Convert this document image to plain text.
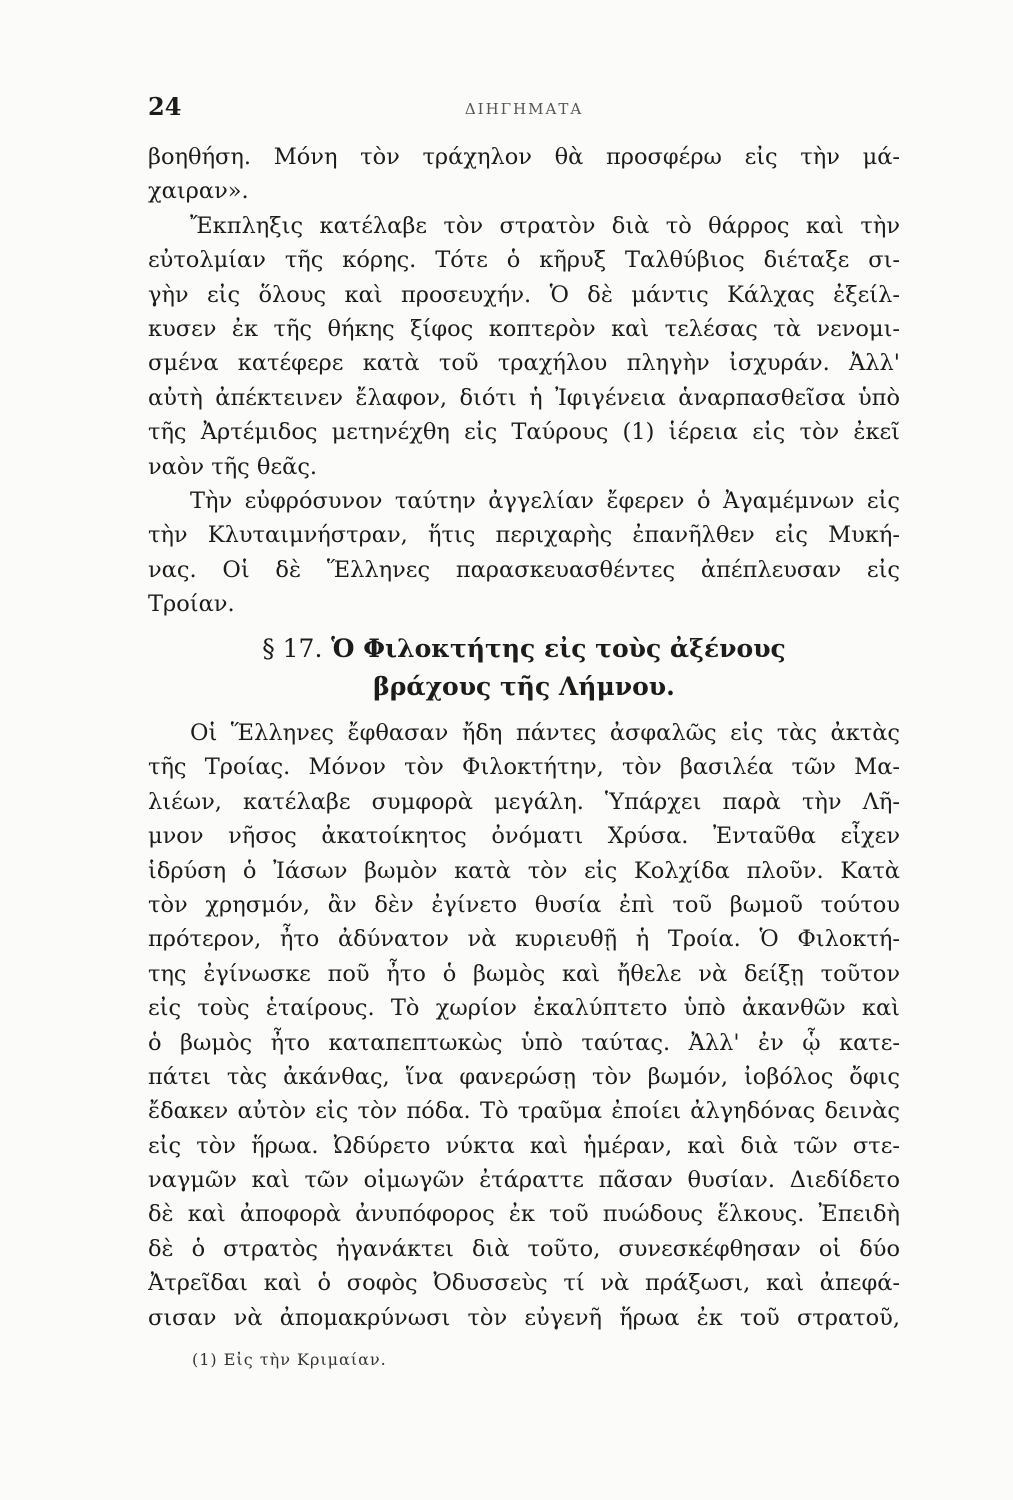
24	ΔΙΗΓΗΜΑΤΑ
βοηθήση. Μόνη τὸν τράχηλον θὰ προσφέρω εἰς τὴν μά-
χαιραν».
Ἔκπληξις κατέλαβε τὸν στρατὸν διὰ τὸ θάρρος καὶ τὴν
εὐτολμίαν τῆς κόρης. Τότε ὁ κῆρυξ Ταλθύβιος διέταξε σι-
γὴν εἰς ὅλους καὶ προσευχήν. Ὁ δὲ μάντις Κάλχας ἐξείλ-
κυσεν ἐκ τῆς θήκης ξίφος κοπτερὸν καὶ τελέσας τὰ νενομι-
σμένα κατέφερε κατὰ τοῦ τραχήλου πληγὴν ἰσχυράν. Ἀλλ'
αὐτὴ ἀπέκτεινεν ἔλαφον, διότι ἡ Ἰφιγένεια ἁναρπασθεῖσα ὑπὸ
τῆς Ἀρτέμιδος μετηνέχθη εἰς Ταύρους (1) ἱέρεια εἰς τὸν ἐκεῖ
ναὸν τῆς θεᾶς.
Τὴν εὐφρόσυνον ταύτην ἀγγελίαν ἔφερεν ὁ Ἀγαμέμνων εἰς
τὴν Κλυταιμνήστραν, ἥτις περιχαρὴς ἐπανῆλθεν εἰς Μυκή-
νας. Οἱ δὲ Ἕλληνες παρασκευασθέντες ἀπέπλευσαν εἰς
Τροίαν.
§ 17. Ὁ Φιλοκτήτης εἰς τοὺς ἀξένους
βράχους τῆς Λήμνου.
Οἱ Ἕλληνες ἔφθασαν ἤδη πάντες ἀσφαλῶς εἰς τὰς ἀκτὰς
τῆς Τροίας. Μόνον τὸν Φιλοκτήτην, τὸν βασιλέα τῶν Μα-
λιέων, κατέλαβε συμφορὰ μεγάλη. Ὑπάρχει παρὰ τὴν Λῆ-
μνον νῆσος ἀκατοίκητος ὀνόματι Χρύσα. Ἐνταῦθα εἶχεν
ἱδρύση ὁ Ἰάσων βωμὸν κατὰ τὸν εἰς Κολχίδα πλοῦν. Κατὰ
τὸν χρησμόν, ἂν δὲν ἐγίνετο θυσία ἐπὶ τοῦ βωμοῦ τούτου
πρότερον, ἦτο ἀδύνατον νὰ κυριευθῇ ἡ Τροία. Ὁ Φιλοκτή-
της ἐγίνωσκε ποῦ ἦτο ὁ βωμὸς καὶ ἤθελε νὰ δείξῃ τοῦτον
εἰς τοὺς ἑταίρους. Τὸ χωρίον ἐκαλύπτετο ὑπὸ ἀκανθῶν καὶ
ὁ βωμὸς ἦτο καταπεπτωκὼς ὑπὸ ταύτας. Ἀλλ' ἐν ᾧ κατε-
πάτει τὰς ἀκάνθας, ἵνα φανερώσῃ τὸν βωμόν, ἰοβόλος ὄφις
ἔδακεν αὐτὸν εἰς τὸν πόδα. Τὸ τραῦμα ἐποίει ἀλγηδόνας δεινὰς
εἰς τὸν ἥρωα. Ὠδύρετο νύκτα καὶ ἡμέραν, καὶ διὰ τῶν στε-
ναγμῶν καὶ τῶν οἰμωγῶν ἐτάραττε πᾶσαν θυσίαν. Διεδίδετο
δὲ καὶ ἀποφορὰ ἀνυπόφορος ἐκ τοῦ πυώδους ἕλκους. Ἐπειδὴ
δὲ ὁ στρατὸς ἠγανάκτει διὰ τοῦτο, συνεσκέφθησαν οἱ δύο
Ἀτρεῖδαι καὶ ὁ σοφὸς Ὀδυσσεὺς τί νὰ πράξωσι, καὶ ἀπεφά-
σισαν νὰ ἀπομακρύνωσι τὸν εὐγενῆ ἥρωα ἐκ τοῦ στρατοῦ,
(1) Εἰς τὴν Κριμαίαν.
